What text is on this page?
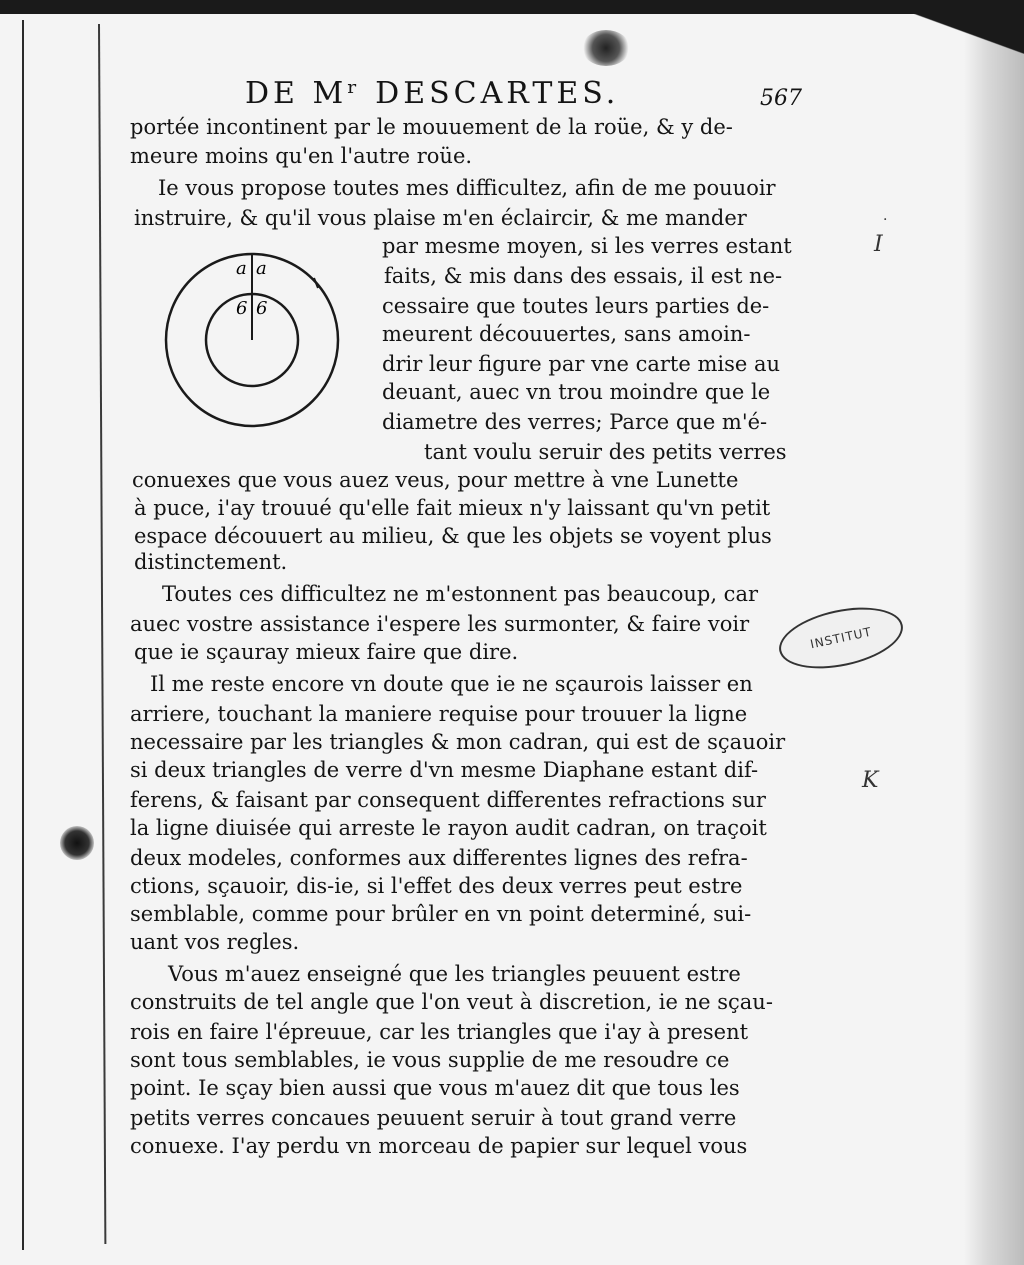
DE Mʳ DESCARTES.	567
portée incontinent par le mouuement de la roüe, & y de-
meure moins qu'en l'autre roüe.
Ie vous propose toutes mes difficultez, afin de me pouuoir
instruire, & qu'il vous plaise m'en éclaircir, & me mander
par mesme moyen, si les verres estant
faits, & mis dans des essais, il est ne-
cessaire que toutes leurs parties de-
meurent découuertes, sans amoin-
drir leur figure par vne carte mise au
deuant, auec vn trou moindre que le
diametre des verres; Parce que m'é-
tant voulu seruir des petits verres
conuexes que vous auez veus, pour mettre à vne Lunette
à puce, i'ay trouué qu'elle fait mieux n'y laissant qu'vn petit
espace découuert au milieu, & que les objets se voyent plus
distinctement.
Toutes ces difficultez ne m'estonnent pas beaucoup, car
auec vostre assistance i'espere les surmonter, & faire voir
que ie sçauray mieux faire que dire.
Il me reste encore vn doute que ie ne sçaurois laisser en
arriere, touchant la maniere requise pour trouuer la ligne
necessaire par les triangles & mon cadran, qui est de sçauoir
si deux triangles de verre d'vn mesme Diaphane estant dif-
ferens, & faisant par consequent differentes refractions sur
la ligne diuisée qui arreste le rayon audit cadran, on traçoit
deux modeles, conformes aux differentes lignes des refra-
ctions, sçauoir, dis-ie, si l'effet des deux verres peut estre
semblable, comme pour brûler en vn point determiné, sui-
uant vos regles.
Vous m'auez enseigné que les triangles peuuent estre
construits de tel angle que l'on veut à discretion, ie ne sçau-
rois en faire l'épreuue, car les triangles que i'ay à present
sont tous semblables, ie vous supplie de me resoudre ce
point. Ie sçay bien aussi que vous m'auez dit que tous les
petits verres concaues peuuent seruir à tout grand verre
conuexe. I'ay perdu vn morceau de papier sur lequel vous
a a
6 6
INSTITUT
·
I
K
